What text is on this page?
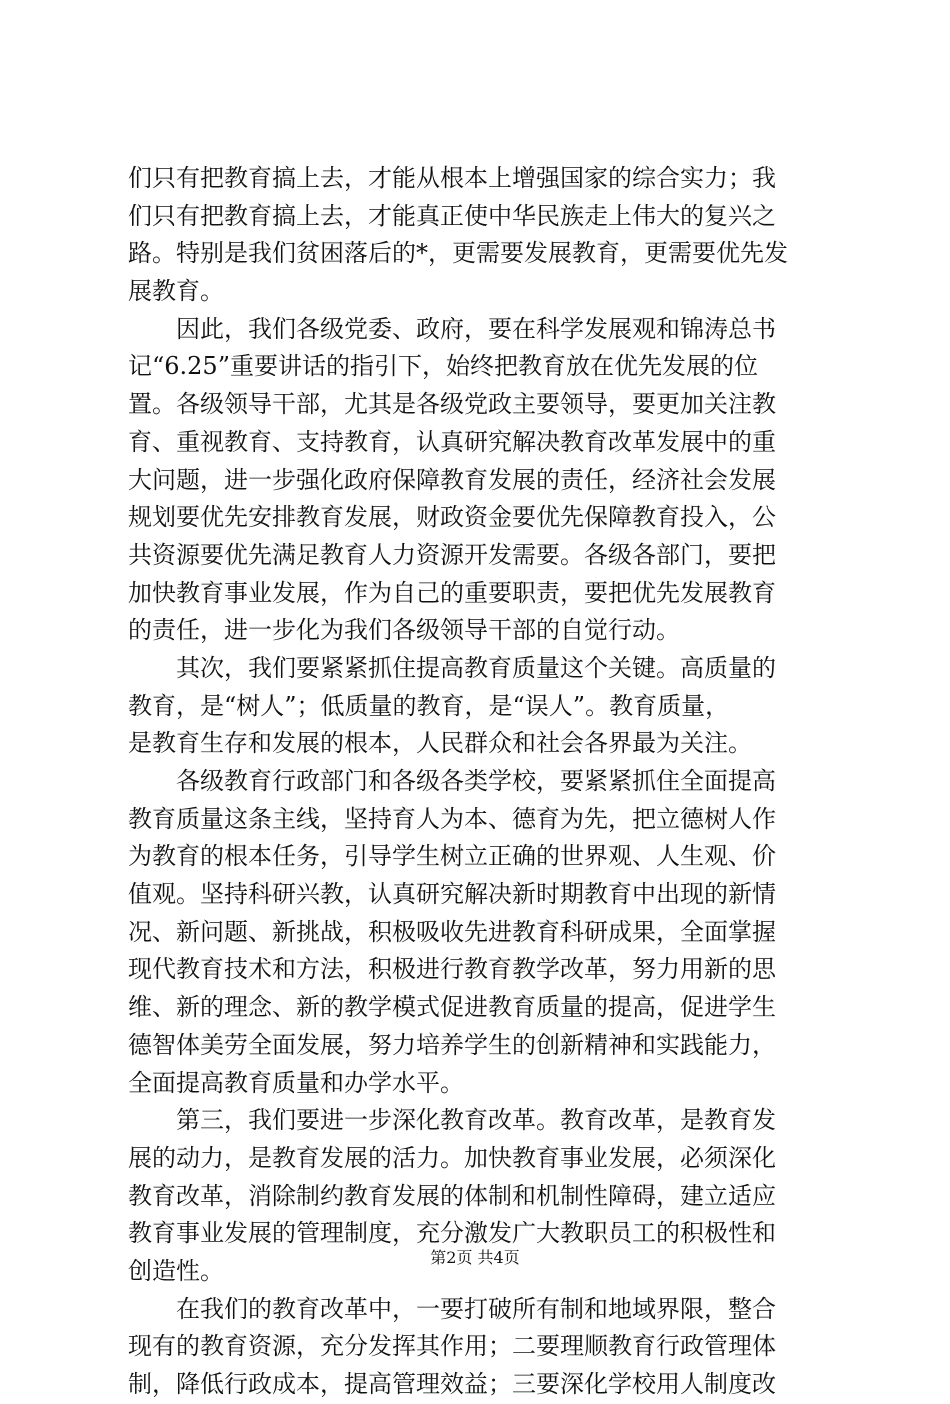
们只有把教育搞上去，才能从根本上增强国家的综合实力；我
们只有把教育搞上去，才能真正使中华民族走上伟大的复兴之
路。特别是我们贫困落后的*，更需要发展教育，更需要优先发
展教育。
　　因此，我们各级党委、政府，要在科学发展观和锦涛总书
记“6.25”重要讲话的指引下，始终把教育放在优先发展的位
置。各级领导干部，尤其是各级党政主要领导，要更加关注教
育、重视教育、支持教育，认真研究解决教育改革发展中的重
大问题，进一步强化政府保障教育发展的责任，经济社会发展
规划要优先安排教育发展，财政资金要优先保障教育投入，公
共资源要优先满足教育人力资源开发需要。各级各部门，要把
加快教育事业发展，作为自己的重要职责，要把优先发展教育
的责任，进一步化为我们各级领导干部的自觉行动。
　　其次，我们要紧紧抓住提高教育质量这个关键。高质量的
教育，是“树人”；低质量的教育，是“误人”。教育质量，
是教育生存和发展的根本，人民群众和社会各界最为关注。
　　各级教育行政部门和各级各类学校，要紧紧抓住全面提高
教育质量这条主线，坚持育人为本、德育为先，把立德树人作
为教育的根本任务，引导学生树立正确的世界观、人生观、价
值观。坚持科研兴教，认真研究解决新时期教育中出现的新情
况、新问题、新挑战，积极吸收先进教育科研成果，全面掌握
现代教育技术和方法，积极进行教育教学改革，努力用新的思
维、新的理念、新的教学模式促进教育质量的提高，促进学生
德智体美劳全面发展，努力培养学生的创新精神和实践能力，
全面提高教育质量和办学水平。
　　第三，我们要进一步深化教育改革。教育改革，是教育发
展的动力，是教育发展的活力。加快教育事业发展，必须深化
教育改革，消除制约教育发展的体制和机制性障碍，建立适应
教育事业发展的管理制度，充分激发广大教职员工的积极性和
创造性。
　　在我们的教育改革中，一要打破所有制和地域界限，整合
现有的教育资源，充分发挥其作用；二要理顺教育行政管理体
制，降低行政成本，提高管理效益；三要深化学校用人制度改
第2页 共4页
